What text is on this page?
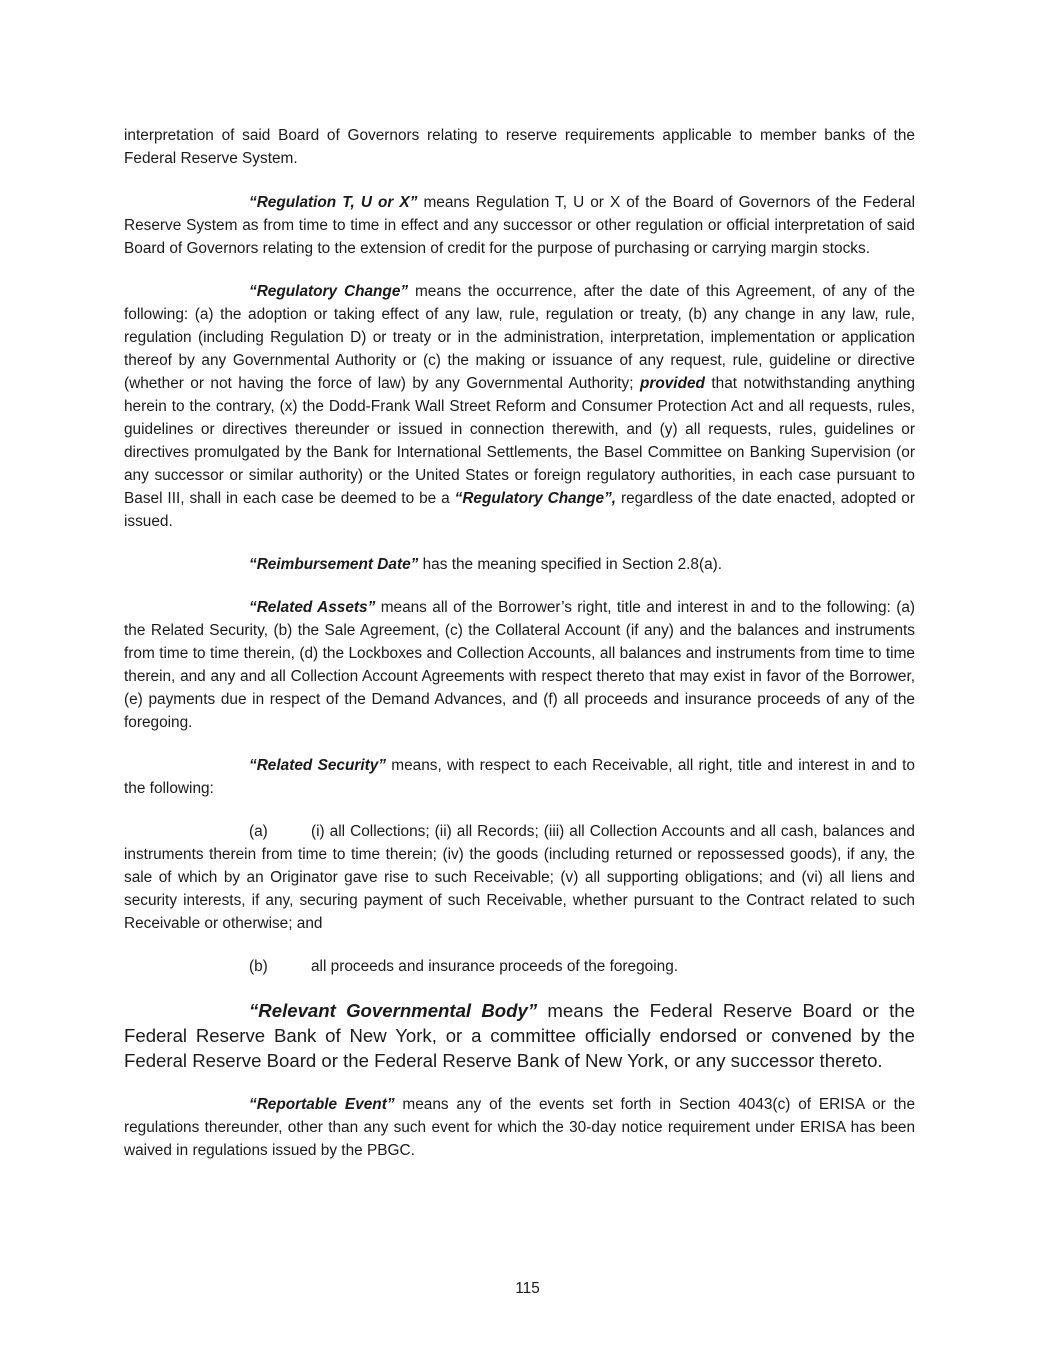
interpretation of said Board of Governors relating to reserve requirements applicable to member banks of the Federal Reserve System.

“Regulation T, U or X” means Regulation T, U or X of the Board of Governors of the Federal Reserve System as from time to time in effect and any successor or other regulation or official interpretation of said Board of Governors relating to the extension of credit for the purpose of purchasing or carrying margin stocks.

“Regulatory Change” means the occurrence, after the date of this Agreement, of any of the following: (a) the adoption or taking effect of any law, rule, regulation or treaty, (b) any change in any law, rule, regulation (including Regulation D) or treaty or in the administration, interpretation, implementation or application thereof by any Governmental Authority or (c) the making or issuance of any request, rule, guideline or directive (whether or not having the force of law) by any Governmental Authority; provided that notwithstanding anything herein to the contrary, (x) the Dodd-Frank Wall Street Reform and Consumer Protection Act and all requests, rules, guidelines or directives thereunder or issued in connection therewith, and (y) all requests, rules, guidelines or directives promulgated by the Bank for International Settlements, the Basel Committee on Banking Supervision (or any successor or similar authority) or the United States or foreign regulatory authorities, in each case pursuant to Basel III, shall in each case be deemed to be a “Regulatory Change”, regardless of the date enacted, adopted or issued.

“Reimbursement Date” has the meaning specified in Section 2.8(a).

“Related Assets” means all of the Borrower’s right, title and interest in and to the following: (a) the Related Security, (b) the Sale Agreement, (c) the Collateral Account (if any) and the balances and instruments from time to time therein, (d) the Lockboxes and Collection Accounts, all balances and instruments from time to time therein, and any and all Collection Account Agreements with respect thereto that may exist in favor of the Borrower, (e) payments due in respect of the Demand Advances, and (f) all proceeds and insurance proceeds of any of the foregoing.

“Related Security” means, with respect to each Receivable, all right, title and interest in and to the following:

(a)	(i) all Collections; (ii) all Records; (iii) all Collection Accounts and all cash, balances and instruments therein from time to time therein; (iv) the goods (including returned or repossessed goods), if any, the sale of which by an Originator gave rise to such Receivable; (v) all supporting obligations; and (vi) all liens and security interests, if any, securing payment of such Receivable, whether pursuant to the Contract related to such Receivable or otherwise; and

(b)	all proceeds and insurance proceeds of the foregoing.

“Relevant Governmental Body” means the Federal Reserve Board or the Federal Reserve Bank of New York, or a committee officially endorsed or convened by the Federal Reserve Board or the Federal Reserve Bank of New York, or any successor thereto.

“Reportable Event” means any of the events set forth in Section 4043(c) of ERISA or the regulations thereunder, other than any such event for which the 30-day notice requirement under ERISA has been waived in regulations issued by the PBGC.

115
